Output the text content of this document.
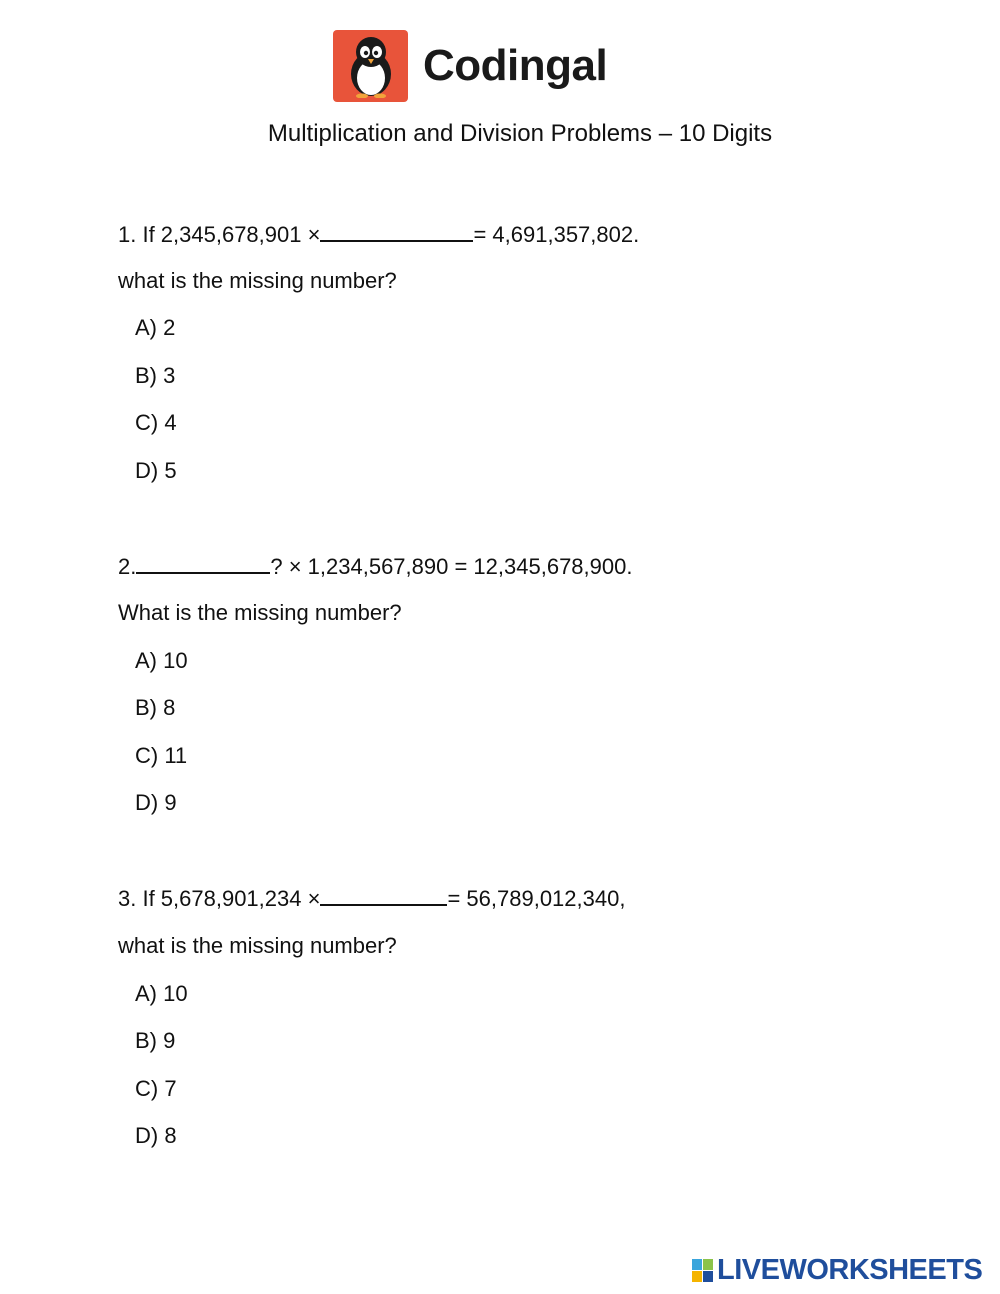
Codingal
Multiplication and Division Problems – 10 Digits
1. If 2,345,678,901 ×	= 4,691,357,802.
what is the missing number?
A) 2
B) 3
C) 4
D) 5
2.	? × 1,234,567,890 = 12,345,678,900.
What is the missing number?
A) 10
B) 8
C) 11
D) 9
3. If 5,678,901,234 ×	= 56,789,012,340,
what is the missing number?
A) 10
B) 9
C) 7
D) 8
LIVEWORKSHEETS
